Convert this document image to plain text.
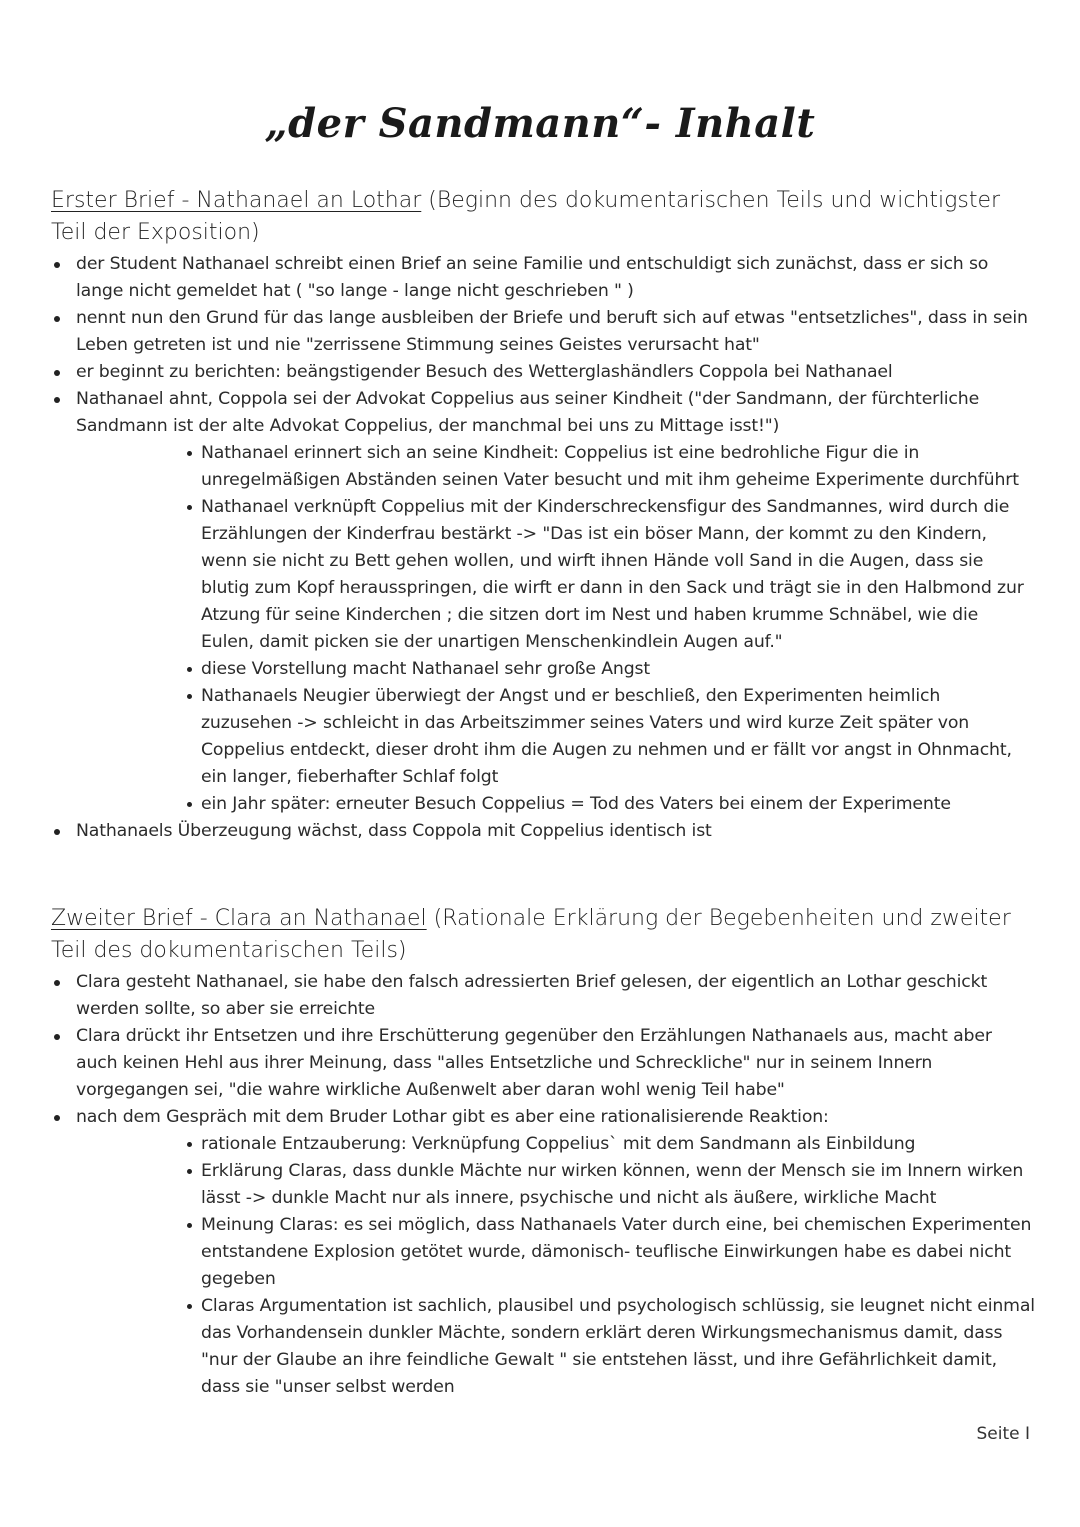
„der Sandmann“- Inhalt

Erster Brief - Nathanael an Lothar (Beginn des dokumentarischen Teils und wichtigster Teil der Exposition)

der Student Nathanael schreibt einen Brief an seine Familie und entschuldigt sich zunächst, dass er sich so lange nicht gemeldet hat ( "so lange - lange nicht geschrieben " )
nennt nun den Grund für das lange ausbleiben der Briefe und beruft sich auf etwas "entsetzliches", dass in sein Leben getreten ist und nie "zerrissene Stimmung seines Geistes verursacht hat"
er beginnt zu berichten: beängstigender Besuch des Wetterglashändlers Coppola bei Nathanael
Nathanael ahnt, Coppola sei der Advokat Coppelius aus seiner Kindheit ("der Sandmann, der fürchterliche Sandmann ist der alte Advokat Coppelius, der manchmal bei uns zu Mittage isst!")
Nathanael erinnert sich an seine Kindheit: Coppelius ist eine bedrohliche Figur die in unregelmäßigen Abständen seinen Vater besucht und mit ihm geheime Experimente durchführt
Nathanael verknüpft Coppelius mit der Kinderschreckensfigur des Sandmannes, wird durch die Erzählungen der Kinderfrau bestärkt -> "Das ist ein böser Mann, der kommt zu den Kindern, wenn sie nicht zu Bett gehen wollen, und wirft ihnen Hände voll Sand in die Augen, dass sie blutig zum Kopf herausspringen, die wirft er dann in den Sack und trägt sie in den Halbmond zur Atzung für seine Kinderchen ; die sitzen dort im Nest und haben krumme Schnäbel, wie die Eulen, damit picken sie der unartigen Menschenkindlein Augen auf."
diese Vorstellung macht Nathanael sehr große Angst
Nathanaels Neugier überwiegt der Angst und er beschließ, den Experimenten heimlich zuzusehen -> schleicht in das Arbeitszimmer seines Vaters und wird kurze Zeit später von Coppelius entdeckt, dieser droht ihm die Augen zu nehmen und er fällt vor angst in Ohnmacht, ein langer, fieberhafter Schlaf folgt
ein Jahr später: erneuter Besuch Coppelius = Tod des Vaters bei einem der Experimente
Nathanaels Überzeugung wächst, dass Coppola mit Coppelius identisch ist

Zweiter Brief - Clara an Nathanael (Rationale Erklärung der Begebenheiten und zweiter Teil des dokumentarischen Teils)

Clara gesteht Nathanael, sie habe den falsch adressierten Brief gelesen, der eigentlich an Lothar geschickt werden sollte, so aber sie erreichte
Clara drückt ihr Entsetzen und ihre Erschütterung gegenüber den Erzählungen Nathanaels aus, macht aber auch keinen Hehl aus ihrer Meinung, dass "alles Entsetzliche und Schreckliche" nur in seinem Innern vorgegangen sei, "die wahre wirkliche Außenwelt aber daran wohl wenig Teil habe"
nach dem Gespräch mit dem Bruder Lothar gibt es aber eine rationalisierende Reaktion:
rationale Entzauberung: Verknüpfung Coppelius` mit dem Sandmann als Einbildung
Erklärung Claras, dass dunkle Mächte nur wirken können, wenn der Mensch sie im Innern wirken lässt -> dunkle Macht nur als innere, psychische und nicht als äußere, wirkliche Macht
Meinung Claras: es sei möglich, dass Nathanaels Vater durch eine, bei chemischen Experimenten entstandene Explosion getötet wurde, dämonisch- teuflische Einwirkungen habe es dabei nicht gegeben
Claras Argumentation ist sachlich, plausibel und psychologisch schlüssig, sie leugnet nicht einmal das Vorhandensein dunkler Mächte, sondern erklärt deren Wirkungsmechanismus damit, dass "nur der Glaube an ihre feindliche Gewalt " sie entstehen lässt, und ihre Gefährlichkeit damit, dass sie "unser selbst werden
Seite I
